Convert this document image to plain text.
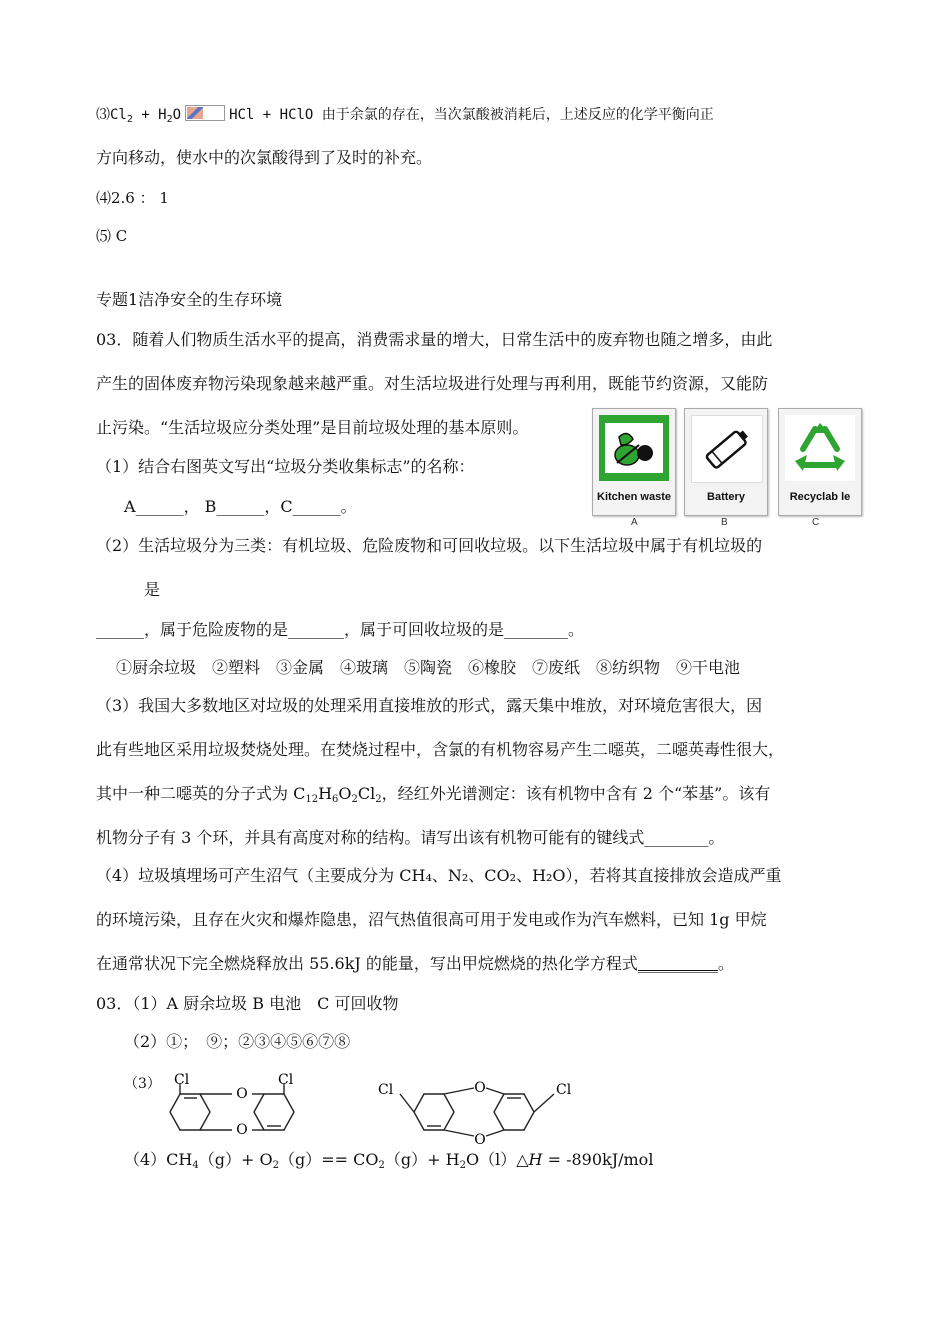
$⑶Cl_2 + H_2O$	HCl + HClO 由于余氯的存在，当次氯酸被消耗后，上述反应的化学平衡向正
方向移动，使水中的次氯酸得到了及时的补充。
⑷2.6 ： 1
⑸ C
专题1洁净安全的生存环境
03．随着人们物质生活水平的提高，消费需求量的增大，日常生活中的废弃物也随之增多，由此
产生的固体废弃物污染现象越来越严重。对生活垃圾进行处理与再利用，既能节约资源，又能防
止污染。“生活垃圾应分类处理”是目前垃圾处理的基本原则。
（1）结合右图英文写出“垃圾分类收集标志”的名称：
A______， B______，C______。	Kitchen waste	Battery	Recyclab le
A	B	C
（2）生活垃圾分为三类：有机垃圾、危险废物和可回收垃圾。以下生活垃圾中属于有机垃圾的
是
______，属于危险废物的是_______，属于可回收垃圾的是________。
①厨余垃圾　②塑料　③金属　④玻璃　⑤陶瓷　⑥橡胶　⑦废纸　⑧纺织物　⑨干电池
（3）我国大多数地区对垃圾的处理采用直接堆放的形式，露天集中堆放，对环境危害很大，因
此有些地区采用垃圾焚烧处理。在焚烧过程中，含氯的有机物容易产生二噁英，二噁英毒性很大，
其中一种二噁英的分子式为 $C_{12}H_6O_2Cl_2$，经红外光谱测定：该有机物中含有 2 个“苯基”。该有
机物分子有 3 个环，并具有高度对称的结构。请写出该有机物可能有的键线式________。
（4）垃圾填埋场可产生沼气（主要成分为 CH₄、N₂、CO₂、H₂O），若将其直接排放会造成严重
的环境污染，且存在火灾和爆炸隐患，沼气热值很高可用于发电或作为汽车燃料，已知 1g 甲烷
在通常状况下完全燃烧释放出 55.6kJ 的能量，写出甲烷燃烧的热化学方程式__________。
03．（1）A 厨余垃圾 B 电池　C 可回收物
（2）①；　⑨；②③④⑤⑥⑦⑧
（3）
O
O
Cl	Cl	O
O
Cl	Cl
$(4)CH_4(g)+ O_2(g)== CO_2(g)+$ $H_2O(l)\triangle H = -890kJ/mol$
